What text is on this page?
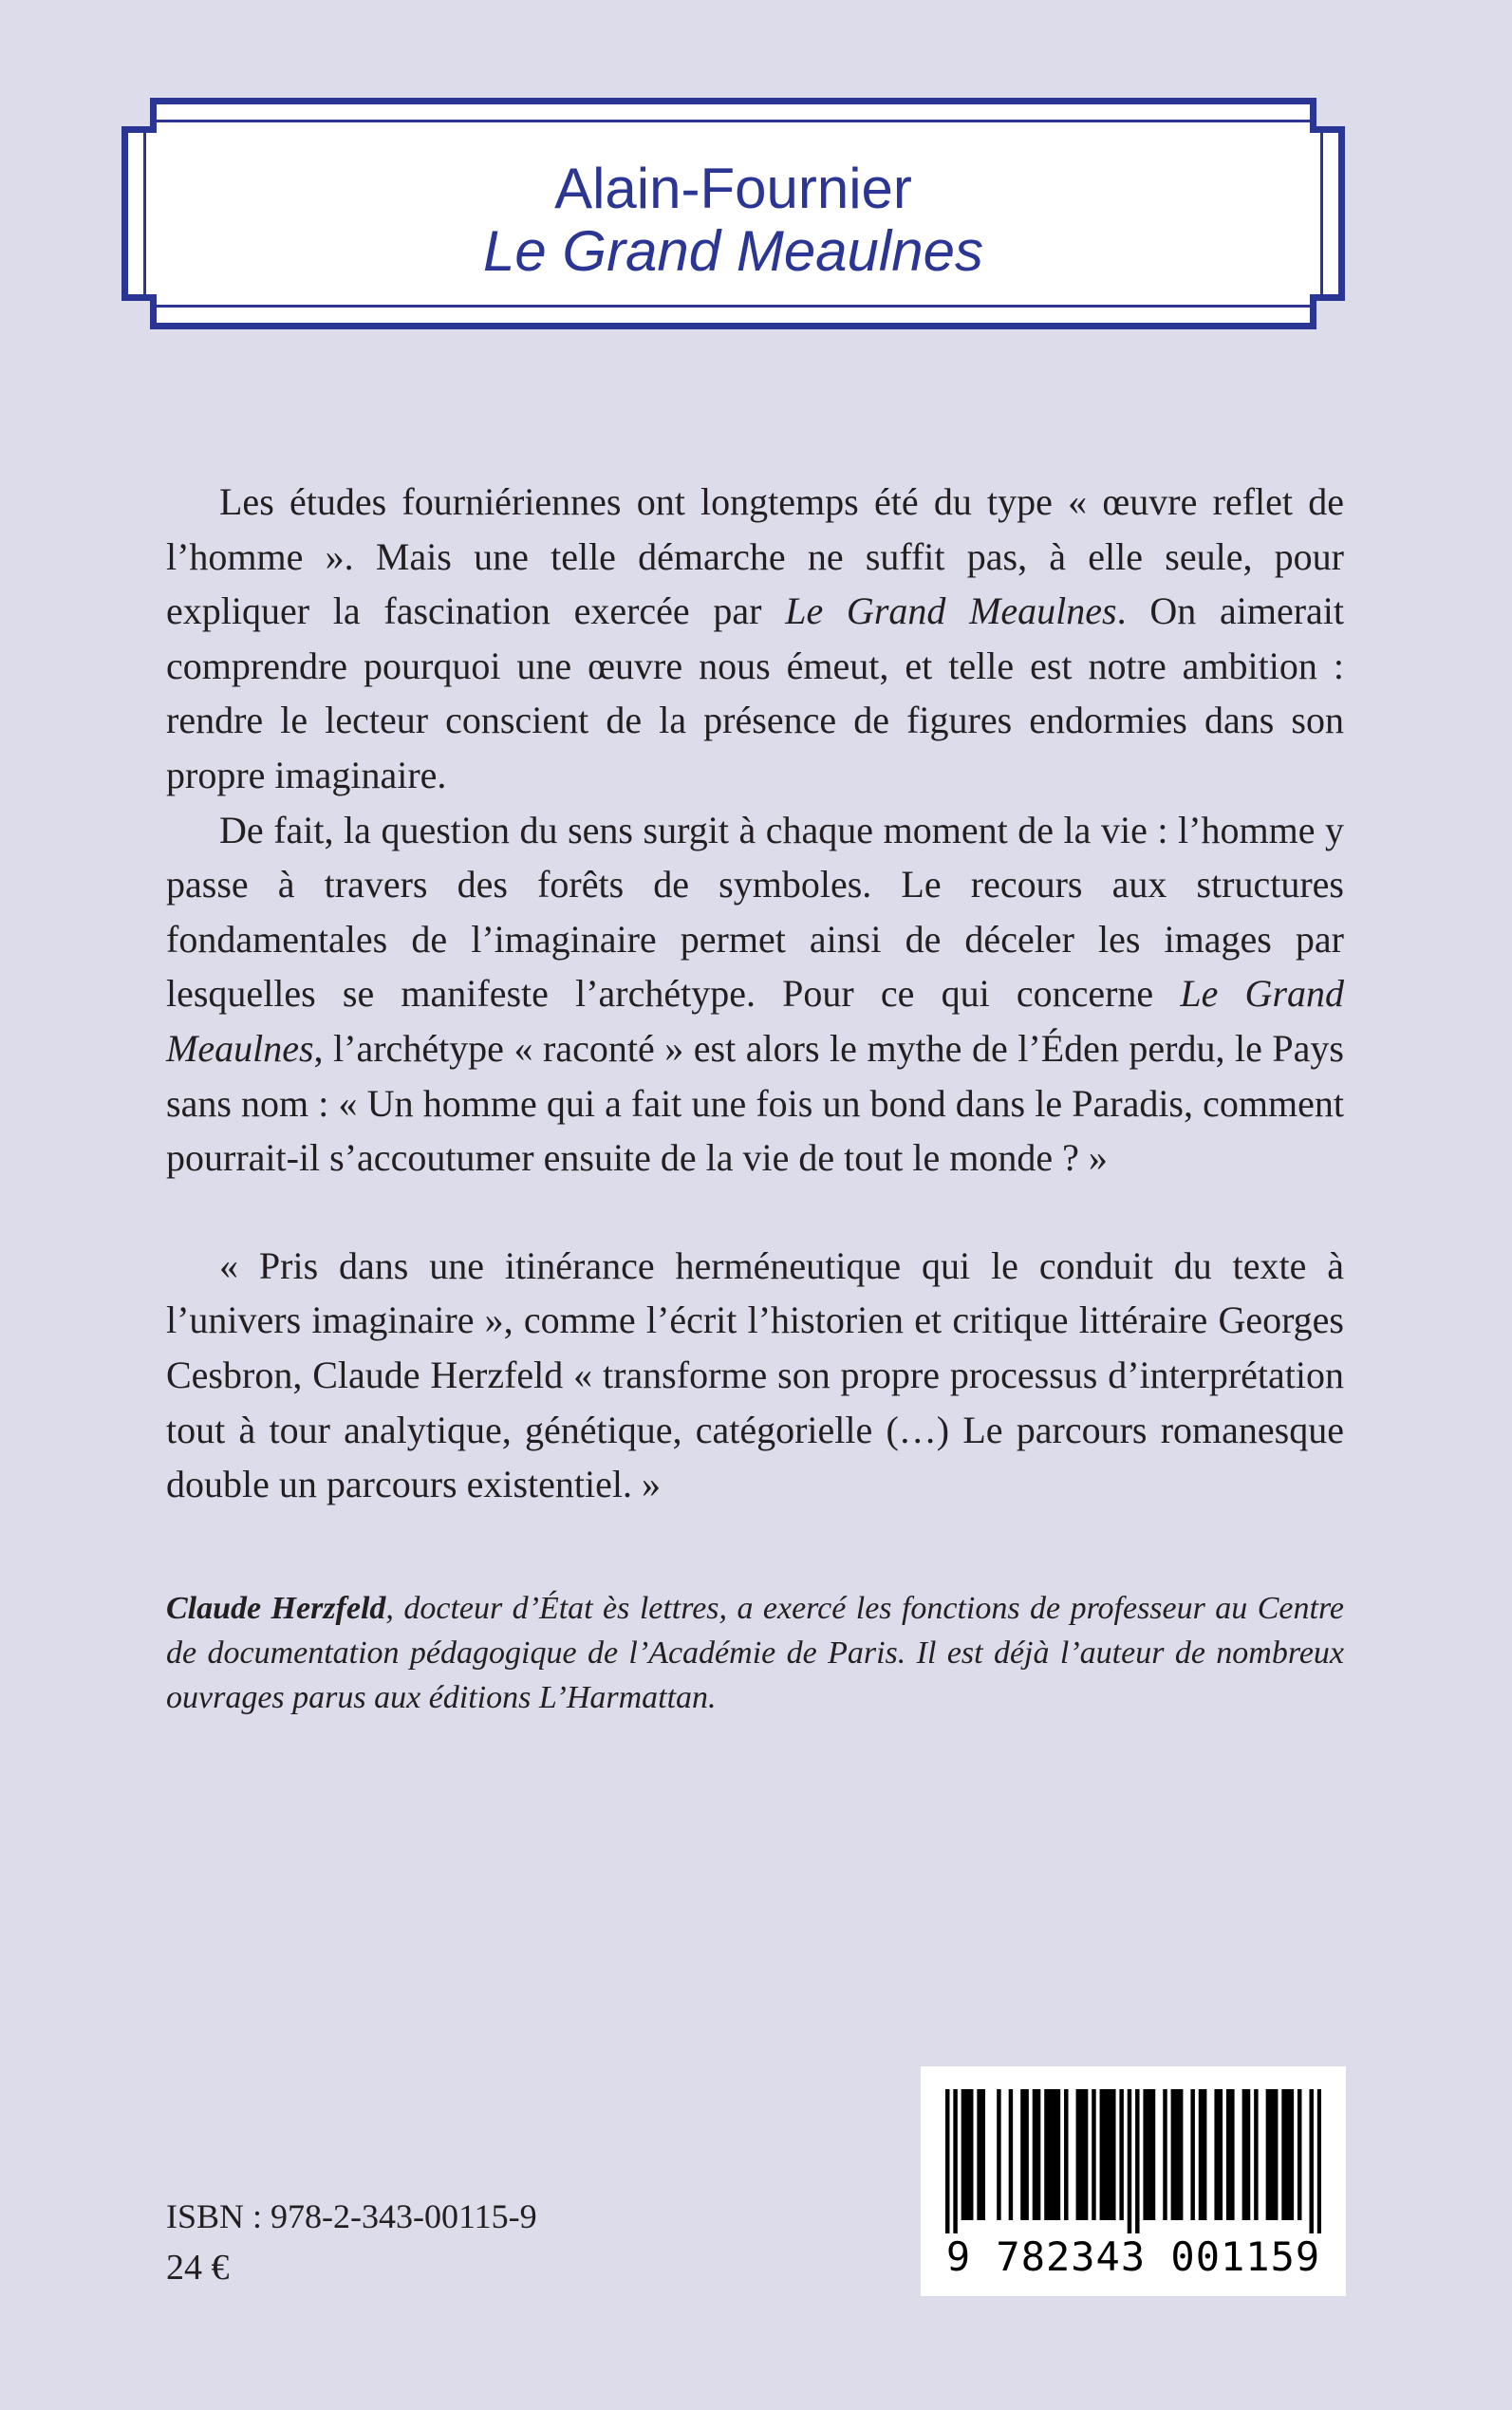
Alain-Fournier

Le Grand Meaulnes

Les études fourniériennes ont longtemps été du type « œuvre reflet de l’homme ». Mais une telle démarche ne suffit pas, à elle seule, pour expliquer la fascination exercée par Le Grand Meaulnes. On aimerait comprendre pourquoi une œuvre nous émeut, et telle est notre ambition : rendre le lecteur conscient de la présence de figures endormies dans son propre imaginaire.

De fait, la question du sens surgit à chaque moment de la vie : l’homme y passe à travers des forêts de symboles. Le recours aux structures fondamentales de l’imaginaire permet ainsi de déceler les images par lesquelles se manifeste l’archétype. Pour ce qui concerne Le Grand Meaulnes, l’archétype « raconté » est alors le mythe de l’Éden perdu, le Pays sans nom : « Un homme qui a fait une fois un bond dans le Paradis, comment pourrait-il s’accoutumer ensuite de la vie de tout le monde ? »

« Pris dans une itinérance herméneutique qui le conduit du texte à l’univers imaginaire », comme l’écrit l’historien et critique littéraire Georges Cesbron, Claude Herzfeld « transforme son propre processus d’interprétation tout à tour analytique, génétique, catégorielle (…) Le parcours romanesque double un parcours existentiel. »

Claude Herzfeld, docteur d’État ès lettres, a exercé les fonctions de professeur au Centre de documentation pédagogique de l’Académie de Paris. Il est déjà l’auteur de nombreux ouvrages parus aux éditions L’Harmattan.
ISBN : 978-2-343-00115-9
24 €	9 782343 001159
